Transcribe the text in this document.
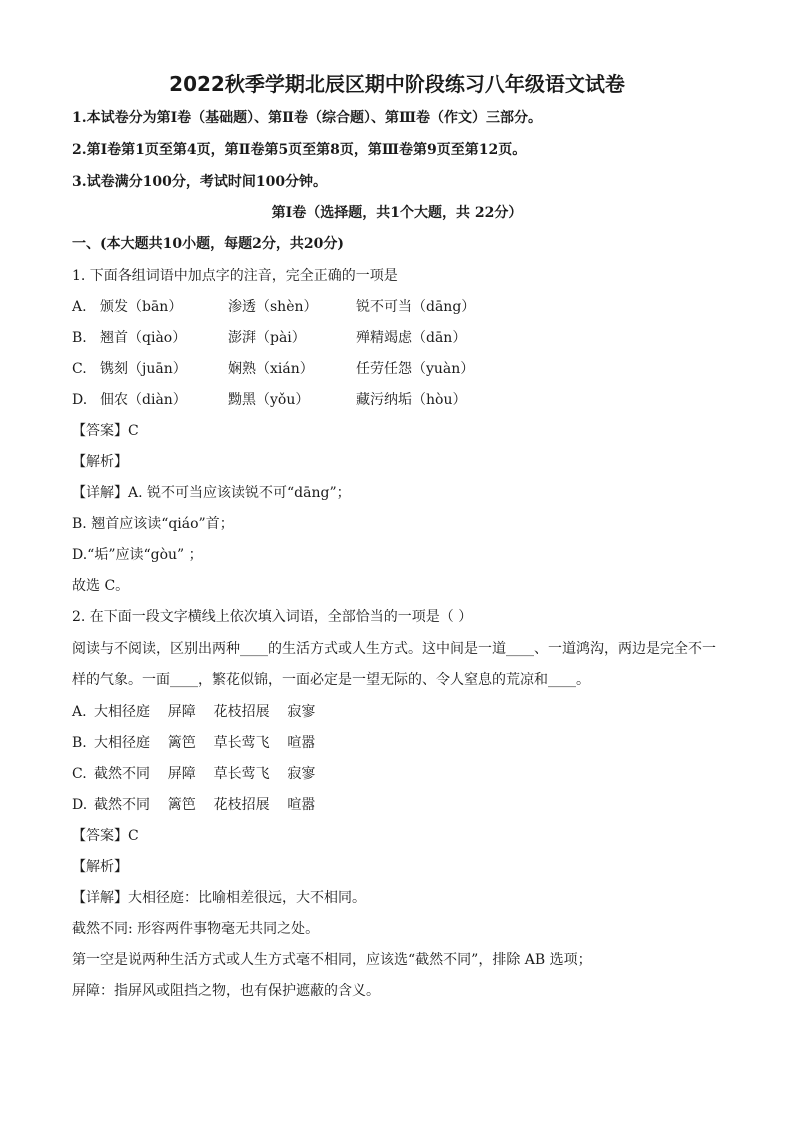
2022秋季学期北辰区期中阶段练习八年级语文试卷
1.本试卷分为第Ⅰ卷（基础题）、第Ⅱ卷（综合题）、第Ⅲ卷（作文）三部分。
2.第Ⅰ卷第1页至第4页，第Ⅱ卷第5页至第8页，第Ⅲ卷第9页至第12页。
3.试卷满分100分，考试时间100分钟。
第Ⅰ卷（选择题，共1个大题，共 22分）
一、(本大题共10小题，每题2分，共20分)
1. 下面各组词语中加点字的注音，完全正确的一项是
A. 颁发（bān）	渗透（shèn）	锐不可当（dāng）
B. 翘首（qiào）	澎湃（pài）	殚精竭虑（dān）
C. 镌刻（juān）	娴熟（xián）	任劳任怨（yuàn）
D. 佃农（diàn）	黝黑（yǒu）	藏污纳垢（hòu）
【答案】C
【解析】
【详解】A. 锐不可当应该读锐不可“dāng”；
B. 翘首应该读“qiáo”首；
D.“垢”应读“gòu” ；
故选 C。
2. 在下面一段文字横线上依次填入词语，全部恰当的一项是（ ）
阅读与不阅读，区别出两种____的生活方式或人生方式。这中间是一道____、一道鸿沟，两边是完全不一
样的气象。一面____，繁花似锦，一面必定是一望无际的、令人窒息的荒凉和____。
A. 大相径庭    屏障    花枝招展    寂寥
B. 大相径庭    篱笆    草长莺飞    喧嚣
C. 截然不同    屏障    草长莺飞    寂寥
D. 截然不同    篱笆    花枝招展    喧嚣
【答案】C
【解析】
【详解】大相径庭：比喻相差很远，大不相同。
截然不同: 形容两件事物毫无共同之处。
第一空是说两种生活方式或人生方式毫不相同，应该选“截然不同”，排除 AB 选项；
屏障：指屏风或阻挡之物，也有保护遮蔽的含义。
